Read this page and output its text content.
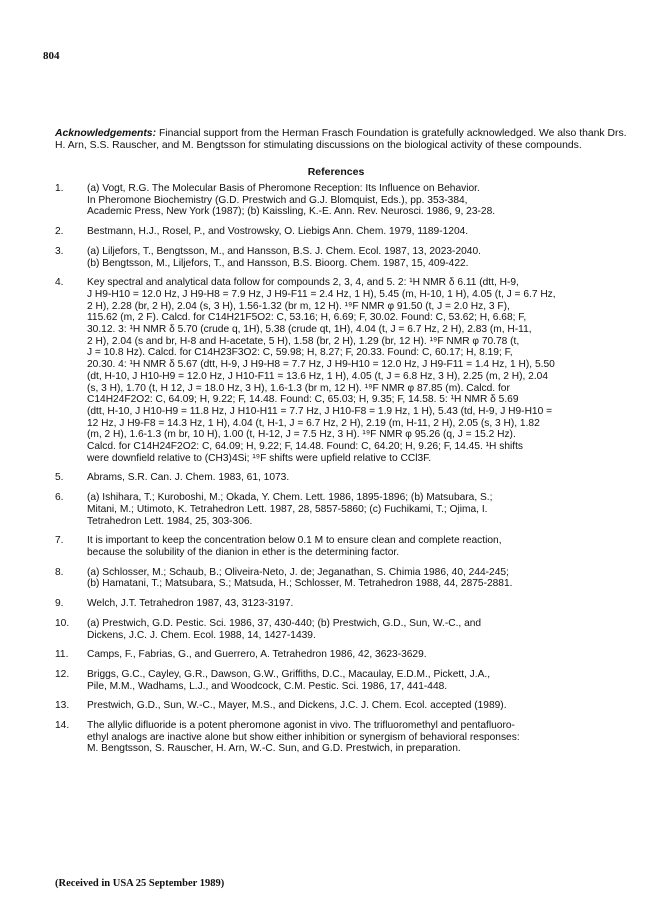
804
Acknowledgements: Financial support from the Herman Frasch Foundation is gratefully acknowledged. We also thank Drs. H. Arn, S.S. Rauscher, and M. Bengtsson for stimulating discussions on the biological activity of these compounds.
References
1. (a) Vogt, R.G. The Molecular Basis of Pheromone Reception: Its Influence on Behavior.

In Pheromone Biochemistry (G.D. Prestwich and G.J. Blomquist, Eds.), pp. 353-384,

Academic Press, New York (1987); (b) Kaissling, K.-E. Ann. Rev. Neurosci. 1986, 9, 23-28.

2. Bestmann, H.J., Rosel, P., and Vostrowsky, O. Liebigs Ann. Chem. 1979, 1189-1204.

3. (a) Liljefors, T., Bengtsson, M., and Hansson, B.S. J. Chem. Ecol. 1987, 13, 2023-2040.

(b) Bengtsson, M., Liljefors, T., and Hansson, B.S. Bioorg. Chem. 1987, 15, 409-422.

4. Key spectral and analytical data follow for compounds 2, 3, 4, and 5. 2: ¹H NMR δ 6.11 (dtt, H-9,

J H9-H10 = 12.0 Hz, J H9-H8 = 7.9 Hz, J H9-F11 = 2.4 Hz, 1 H), 5.45 (m, H-10, 1 H), 4.05 (t, J = 6.7 Hz,

2 H), 2.28 (br, 2 H), 2.04 (s, 3 H), 1.56-1.32 (br m, 12 H). ¹⁹F NMR φ 91.50 (t, J = 2.0 Hz, 3 F),

115.62 (m, 2 F). Calcd. for C14H21F5O2: C, 53.16; H, 6.69; F, 30.02. Found: C, 53.62; H, 6.68; F,

30.12. 3: ¹H NMR δ 5.70 (crude q, 1H), 5.38 (crude qt, 1H), 4.04 (t, J = 6.7 Hz, 2 H), 2.83 (m, H-11,

2 H), 2.04 (s and br, H-8 and H-acetate, 5 H), 1.58 (br, 2 H), 1.29 (br, 12 H). ¹⁹F NMR φ 70.78 (t,

J = 10.8 Hz). Calcd. for C14H23F3O2: C, 59.98; H, 8.27; F, 20.33. Found: C, 60.17; H, 8.19; F,

20.30. 4: ¹H NMR δ 5.67 (dtt, H-9, J H9-H8 = 7.7 Hz, J H9-H10 = 12.0 Hz, J H9-F11 = 1.4 Hz, 1 H), 5.50

(dt, H-10, J H10-H9 = 12.0 Hz, J H10-F11 = 13.6 Hz, 1 H), 4.05 (t, J = 6.8 Hz, 3 H), 2.25 (m, 2 H), 2.04

(s, 3 H), 1.70 (t, H 12, J = 18.0 Hz, 3 H), 1.6-1.3 (br m, 12 H). ¹⁹F NMR φ 87.85 (m). Calcd. for

C14H24F2O2: C, 64.09; H, 9.22; F, 14.48. Found: C, 65.03; H, 9.35; F, 14.58. 5: ¹H NMR δ 5.69

(dtt, H-10, J H10-H9 = 11.8 Hz, J H10-H11 = 7.7 Hz, J H10-F8 = 1.9 Hz, 1 H), 5.43 (td, H-9, J H9-H10 =

12 Hz, J H9-F8 = 14.3 Hz, 1 H), 4.04 (t, H-1, J = 6.7 Hz, 2 H), 2.19 (m, H-11, 2 H), 2.05 (s, 3 H), 1.82

(m, 2 H), 1.6-1.3 (m br, 10 H), 1.00 (t, H-12, J = 7.5 Hz, 3 H). ¹⁹F NMR φ 95.26 (q, J = 15.2 Hz).

Calcd. for C14H24F2O2: C, 64.09; H, 9.22; F, 14.48. Found: C, 64.20; H, 9.26; F, 14.45. ¹H shifts

were downfield relative to (CH3)4Si; ¹⁹F shifts were upfield relative to CCl3F.

5. Abrams, S.R. Can. J. Chem. 1983, 61, 1073.

6. (a) Ishihara, T.; Kuroboshi, M.; Okada, Y. Chem. Lett. 1986, 1895-1896; (b) Matsubara, S.;

Mitani, M.; Utimoto, K. Tetrahedron Lett. 1987, 28, 5857-5860; (c) Fuchikami, T.; Ojima, I.

Tetrahedron Lett. 1984, 25, 303-306.

7. It is important to keep the concentration below 0.1 M to ensure clean and complete reaction,

because the solubility of the dianion in ether is the determining factor.

8. (a) Schlosser, M.; Schaub, B.; Oliveira-Neto, J. de; Jeganathan, S. Chimia 1986, 40, 244-245;

(b) Hamatani, T.; Matsubara, S.; Matsuda, H.; Schlosser, M. Tetrahedron 1988, 44, 2875-2881.

9. Welch, J.T. Tetrahedron 1987, 43, 3123-3197.

10. (a) Prestwich, G.D. Pestic. Sci. 1986, 37, 430-440; (b) Prestwich, G.D., Sun, W.-C., and

Dickens, J.C. J. Chem. Ecol. 1988, 14, 1427-1439.

11. Camps, F., Fabrias, G., and Guerrero, A. Tetrahedron 1986, 42, 3623-3629.

12. Briggs, G.C., Cayley, G.R., Dawson, G.W., Griffiths, D.C., Macaulay, E.D.M., Pickett, J.A.,

Pile, M.M., Wadhams, L.J., and Woodcock, C.M. Pestic. Sci. 1986, 17, 441-448.

13. Prestwich, G.D., Sun, W.-C., Mayer, M.S., and Dickens, J.C. J. Chem. Ecol. accepted (1989).

14. The allylic difluoride is a potent pheromone agonist in vivo. The trifluoromethyl and pentafluoro-

ethyl analogs are inactive alone but show either inhibition or synergism of behavioral responses:

M. Bengtsson, S. Rauscher, H. Arn, W.-C. Sun, and G.D. Prestwich, in preparation.

(Received in USA 25 September 1989)
